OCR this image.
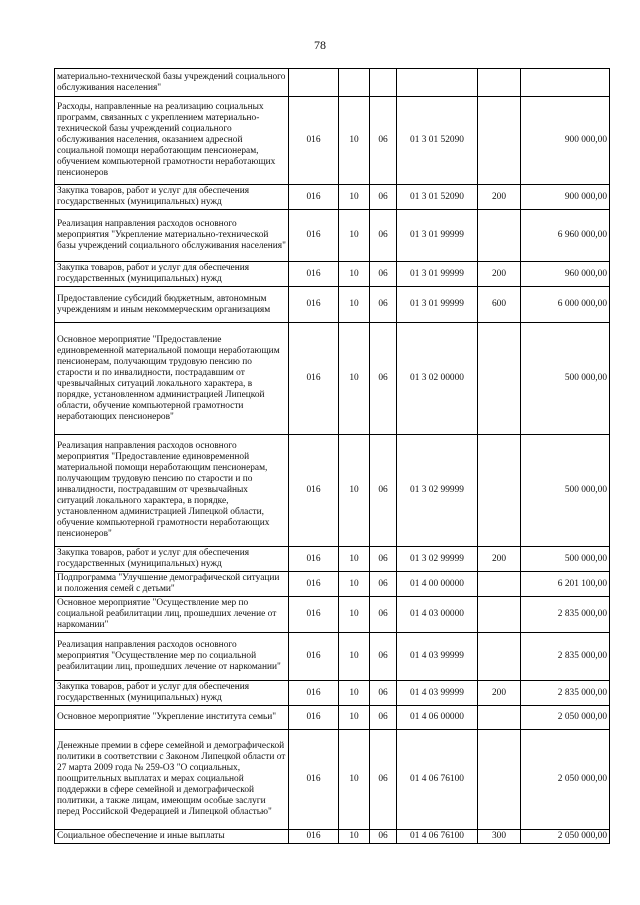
78
материально-технической базы учреждений социального обслуживания населения"						
Расходы, направленные на реализацию социальных программ, связанных с укреплением материально-технической базы учреждений социального обслуживания населения, оказанием адресной социальной помощи неработающим пенсионерам, обучением компьютерной грамотности неработающих пенсионеров	016	10	06	01 3 01 52090		900 000,00
Закупка товаров, работ и услуг для обеспечения государственных (муниципальных) нужд	016	10	06	01 3 01 52090	200	900 000,00
Реализация направления расходов основного мероприятия "Укрепление материально-технической базы учреждений социального обслуживания населения"	016	10	06	01 3 01 99999		6 960 000,00
Закупка товаров, работ и услуг для обеспечения государственных (муниципальных) нужд	016	10	06	01 3 01 99999	200	960 000,00
Предоставление субсидий бюджетным, автономным учреждениям и иным некоммерческим организациям	016	10	06	01 3 01 99999	600	6 000 000,00
Основное мероприятие "Предоставление единовременной материальной помощи неработающим пенсионерам, получающим трудовую пенсию по старости и по инвалидности, пострадавшим от чрезвычайных ситуаций локального характера, в порядке, установленном администрацией Липецкой области, обучение компьютерной грамотности неработающих пенсионеров"	016	10	06	01 3 02 00000		500 000,00
Реализация направления расходов основного мероприятия "Предоставление единовременной материальной помощи неработающим пенсионерам, получающим трудовую пенсию по старости и по инвалидности, пострадавшим от чрезвычайных ситуаций локального характера, в порядке, установленном администрацией Липецкой области, обучение компьютерной грамотности неработающих пенсионеров"	016	10	06	01 3 02 99999		500 000,00
Закупка товаров, работ и услуг для обеспечения государственных (муниципальных) нужд	016	10	06	01 3 02 99999	200	500 000,00
Подпрограмма "Улучшение демографической ситуации и положения семей с детьми"	016	10	06	01 4 00 00000		6 201 100,00
Основное мероприятие "Осуществление мер по социальной реабилитации лиц, прошедших лечение от наркомании"	016	10	06	01 4 03 00000		2 835 000,00
Реализация направления расходов основного мероприятия "Осуществление мер по социальной реабилитации лиц, прошедших лечение от наркомании"	016	10	06	01 4 03 99999		2 835 000,00
Закупка товаров, работ и услуг для обеспечения государственных (муниципальных) нужд	016	10	06	01 4 03 99999	200	2 835 000,00
Основное мероприятие "Укрепление института семьи"	016	10	06	01 4 06 00000		2 050 000,00
Денежные премии в сфере семейной и демографической политики в соответствии с Законом Липецкой области от 27 марта 2009 года № 259-ОЗ "О социальных, поощрительных выплатах и мерах социальной поддержки в сфере семейной и демографической политики, а также лицам, имеющим особые заслуги перед Российской Федерацией и Липецкой областью"	016	10	06	01 4 06 76100		2 050 000,00
Социальное обеспечение и иные выплаты	016	10	06	01 4 06 76100	300	2 050 000,00
